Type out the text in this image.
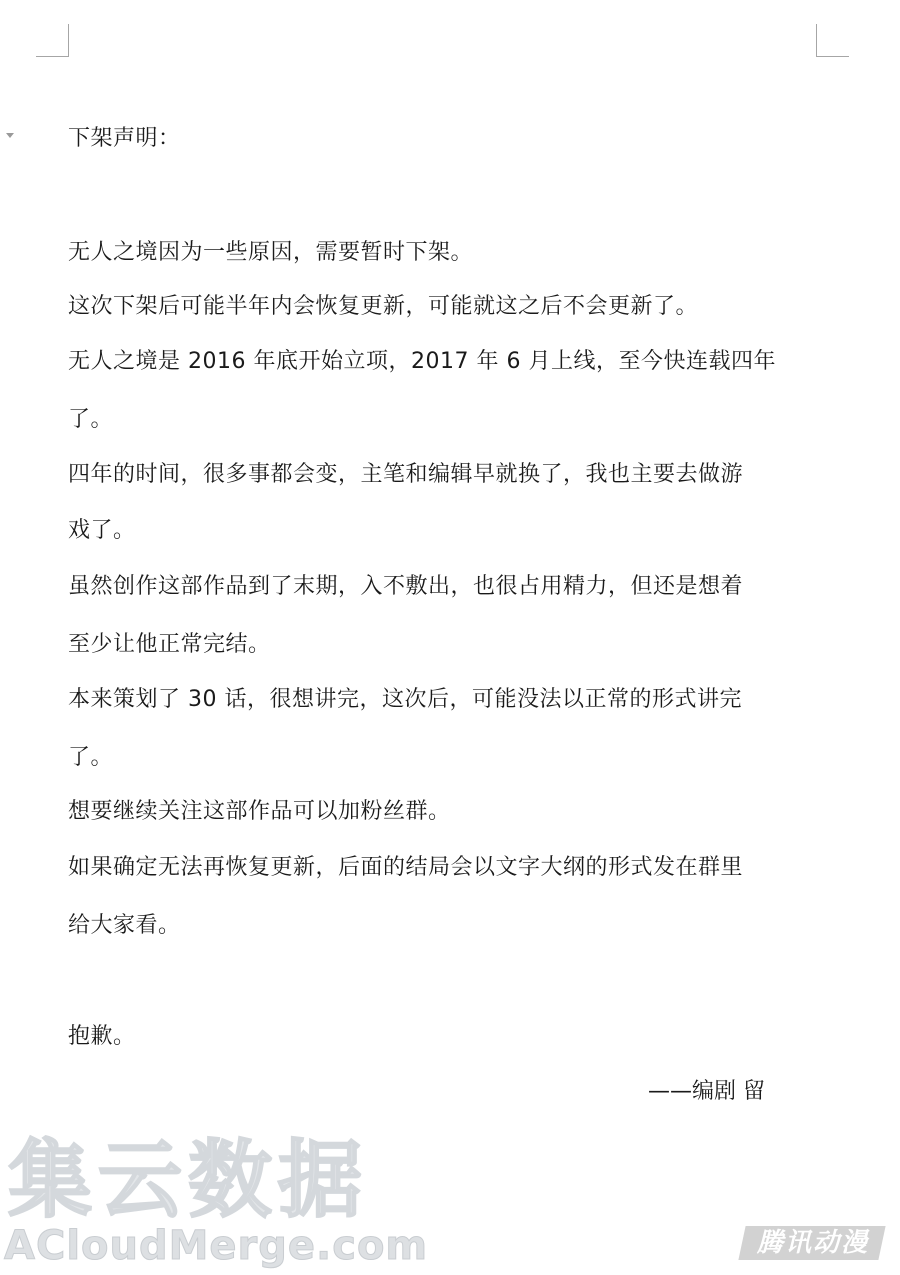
下架声明：
无人之境因为一些原因，需要暂时下架。
这次下架后可能半年内会恢复更新，可能就这之后不会更新了。
无人之境是 2016 年底开始立项，2017 年 6 月上线，至今快连载四年
了。
四年的时间，很多事都会变，主笔和编辑早就换了，我也主要去做游
戏了。
虽然创作这部作品到了末期，入不敷出，也很占用精力，但还是想着
至少让他正常完结。
本来策划了 30 话，很想讲完，这次后，可能没法以正常的形式讲完
了。
想要继续关注这部作品可以加粉丝群。
如果确定无法再恢复更新，后面的结局会以文字大纲的形式发在群里
给大家看。
抱歉。
——编剧 留
集云数据
ACloudMerge.com	腾讯动漫
